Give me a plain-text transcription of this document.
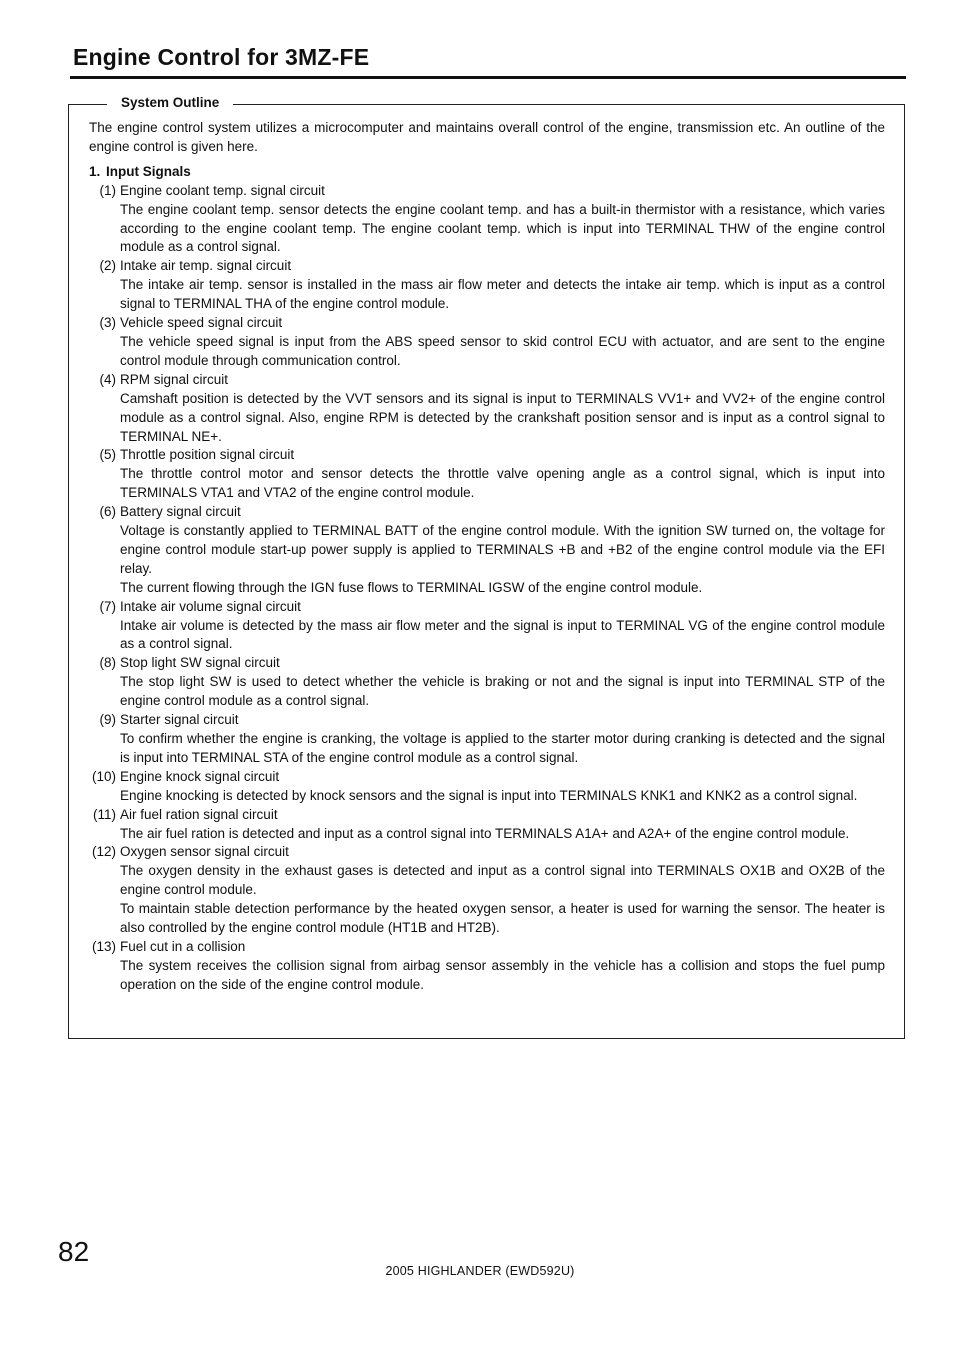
Engine Control for 3MZ-FE
System Outline

The engine control system utilizes a microcomputer and maintains overall control of the engine, transmission etc. An outline of the engine control is given here.

1. Input Signals

(1) Engine coolant temp. signal circuit

The engine coolant temp. sensor detects the engine coolant temp. and has a built-in thermistor with a resistance, which varies according to the engine coolant temp. The engine coolant temp. which is input into TERMINAL THW of the engine control module as a control signal.

(2) Intake air temp. signal circuit

The intake air temp. sensor is installed in the mass air flow meter and detects the intake air temp. which is input as a control signal to TERMINAL THA of the engine control module.

(3) Vehicle speed signal circuit

The vehicle speed signal is input from the ABS speed sensor to skid control ECU with actuator, and are sent to the engine control module through communication control.

(4) RPM signal circuit

Camshaft position is detected by the VVT sensors and its signal is input to TERMINALS VV1+ and VV2+ of the engine control module as a control signal. Also, engine RPM is detected by the crankshaft position sensor and is input as a control signal to TERMINAL NE+.

(5) Throttle position signal circuit

The throttle control motor and sensor detects the throttle valve opening angle as a control signal, which is input into TERMINALS VTA1 and VTA2 of the engine control module.

(6) Battery signal circuit

Voltage is constantly applied to TERMINAL BATT of the engine control module. With the ignition SW turned on, the voltage for engine control module start-up power supply is applied to TERMINALS +B and +B2 of the engine control module via the EFI relay.

The current flowing through the IGN fuse flows to TERMINAL IGSW of the engine control module.

(7) Intake air volume signal circuit

Intake air volume is detected by the mass air flow meter and the signal is input to TERMINAL VG of the engine control module as a control signal.

(8) Stop light SW signal circuit

The stop light SW is used to detect whether the vehicle is braking or not and the signal is input into TERMINAL STP of the engine control module as a control signal.

(9) Starter signal circuit

To confirm whether the engine is cranking, the voltage is applied to the starter motor during cranking is detected and the signal is input into TERMINAL STA of the engine control module as a control signal.

(10) Engine knock signal circuit

Engine knocking is detected by knock sensors and the signal is input into TERMINALS KNK1 and KNK2 as a control signal.

(11) Air fuel ration signal circuit

The air fuel ration is detected and input as a control signal into TERMINALS A1A+ and A2A+ of the engine control module.

(12) Oxygen sensor signal circuit

The oxygen density in the exhaust gases is detected and input as a control signal into TERMINALS OX1B and OX2B of the engine control module.

To maintain stable detection performance by the heated oxygen sensor, a heater is used for warning the sensor. The heater is also controlled by the engine control module (HT1B and HT2B).

(13) Fuel cut in a collision

The system receives the collision signal from airbag sensor assembly in the vehicle has a collision and stops the fuel pump operation on the side of the engine control module.

82
2005 HIGHLANDER (EWD592U)
